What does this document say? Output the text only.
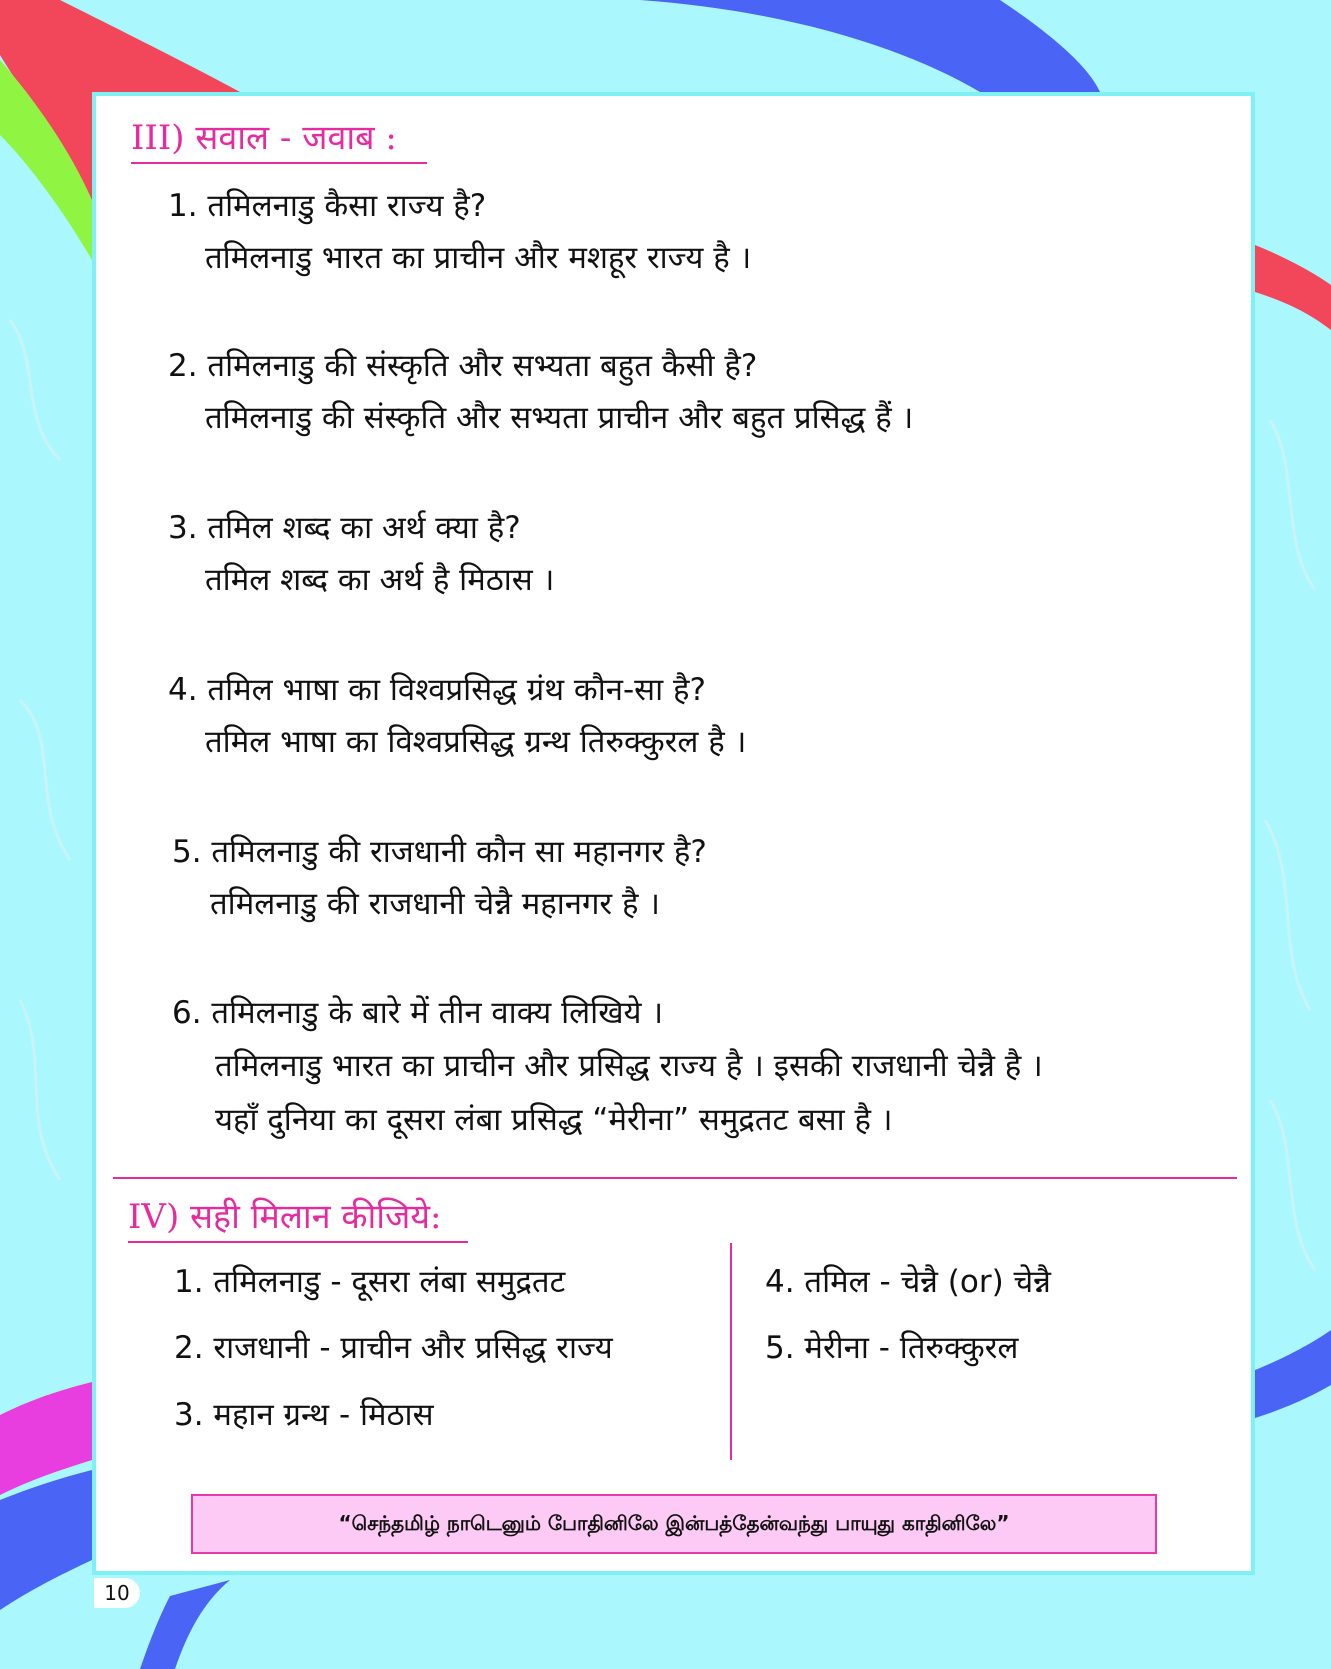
III) सवाल - जवाब :
1. तमिलनाडु कैसा राज्य है?
तमिलनाडु भारत का प्राचीन और मशहूर राज्य है ।
2. तमिलनाडु की संस्कृति और सभ्यता बहुत कैसी है?
तमिलनाडु की संस्कृति और सभ्यता प्राचीन और बहुत प्रसिद्ध हैं ।
3. तमिल शब्द का अर्थ क्या है?
तमिल शब्द का अर्थ है मिठास ।
4. तमिल भाषा का विश्वप्रसिद्ध ग्रंथ कौन-सा है?
तमिल भाषा का विश्वप्रसिद्ध ग्रन्थ तिरुक्कुरल है ।
5. तमिलनाडु की राजधानी कौन सा महानगर है?
तमिलनाडु की राजधानी चेन्नै महानगर है ।
6. तमिलनाडु के बारे में तीन वाक्य लिखिये ।
तमिलनाडु भारत का प्राचीन और प्रसिद्ध राज्य है । इसकी राजधानी चेन्नै है ।
यहाँ दुनिया का दूसरा लंबा प्रसिद्ध “मेरीना” समुद्रतट बसा है ।
IV) सही मिलान कीजिये:
1. तमिलनाडु - दूसरा लंबा समुद्रतट
2. राजधानी - प्राचीन और प्रसिद्ध राज्य
3. महान ग्रन्थ - मिठास
4. तमिल - चेन्नै (or) चेन्नै
5. मेरीना - तिरुक्कुरल
“செந்தமிழ் நாடெனும் போதினிலே இன்பத்தேன்வந்து பாயுது காதினிலே”
10
